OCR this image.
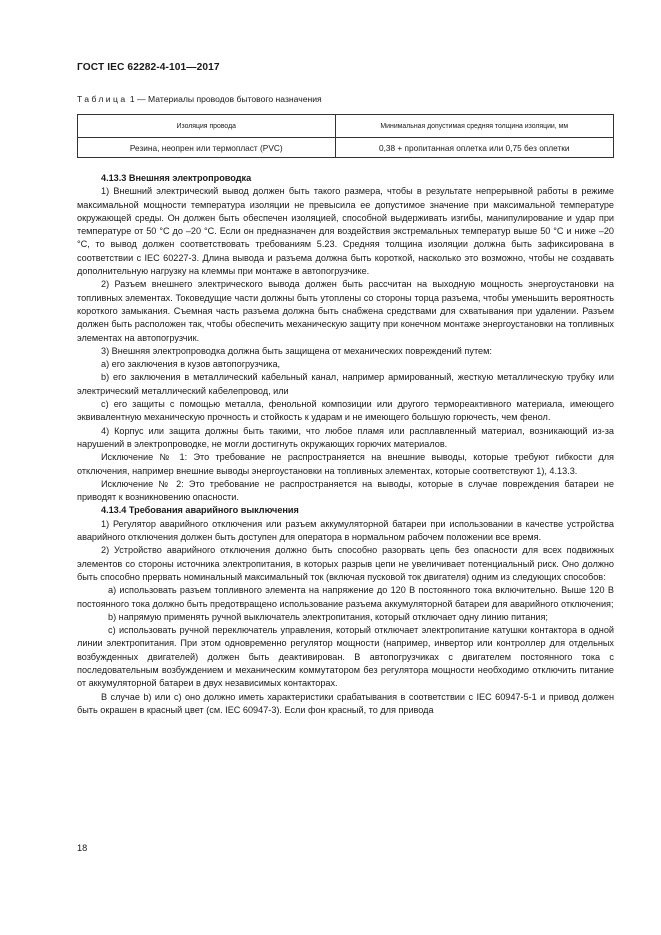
ГОСТ IEC 62282-4-101—2017
Таблица 1 — Материалы проводов бытового назначения
Изоляция провода	Минимальная допустимая средняя толщина изоляции, мм
Резина, неопрен или термопласт (PVC)	0,38 + пропитанная оплетка или 0,75 без оплетки

4.13.3 Внешняя электропроводка

1) Внешний электрический вывод должен быть такого размера, чтобы в результате непрерывной работы в режиме максимальной мощности температура изоляции не превысила ее допустимое значение при максимальной температуре окружающей среды. Он должен быть обеспечен изоляцией, способной выдерживать изгибы, манипулирование и удар при температуре от 50 °С до –20 °С. Если он предназначен для воздействия экстремальных температур выше 50 °С и ниже –20 °С, то вывод должен соответствовать требованиям 5.23. Средняя толщина изоляции должна быть зафиксирована в соответствии с IEC 60227-3. Длина вывода и разъема должна быть короткой, насколько это возможно, чтобы не создавать дополнительную нагрузку на клеммы при монтаже в автопогрузчике.

2) Разъем внешнего электрического вывода должен быть рассчитан на выходную мощность энергоустановки на топливных элементах. Токоведущие части должны быть утоплены со стороны торца разъема, чтобы уменьшить вероятность короткого замыкания. Съемная часть разъема должна быть снабжена средствами для схватывания при удалении. Разъем должен быть расположен так, чтобы обеспечить механическую защиту при конечном монтаже энергоустановки на топливных элементах на автопогрузчик.

3) Внешняя электропроводка должна быть защищена от механических повреждений путем:

а) его заключения в кузов автопогрузчика,

b) его заключения в металлический кабельный канал, например армированный, жесткую металлическую трубку или электрический металлический кабелепровод, или

с) его защиты с помощью металла, фенольной композиции или другого термореактивного материала, имеющего эквивалентную механическую прочность и стойкость к ударам и не имеющего большую горючесть, чем фенол.

4) Корпус или защита должны быть такими, что любое пламя или расплавленный материал, возникающий из-за нарушений в электропроводке, не могли достигнуть окружающих горючих материалов.

Исключение № 1: Это требование не распространяется на внешние выводы, которые требуют гибкости для отключения, например внешние выводы энергоустановки на топливных элементах, которые соответствуют 1), 4.13.3.

Исключение № 2: Это требование не распространяется на выводы, которые в случае повреждения батареи не приводят к возникновению опасности.

4.13.4 Требования аварийного выключения

1) Регулятор аварийного отключения или разъем аккумуляторной батареи при использовании в качестве устройства аварийного отключения должен быть доступен для оператора в нормальном рабочем положении все время.

2) Устройство аварийного отключения должно быть способно разорвать цепь без опасности для всех подвижных элементов со стороны источника электропитания, в которых разрыв цепи не увеличивает потенциальный риск. Оно должно быть способно прервать номинальный максимальный ток (включая пусковой ток двигателя) одним из следующих способов:

а) использовать разъем топливного элемента на напряжение до 120 В постоянного тока включительно. Выше 120 В постоянного тока должно быть предотвращено использование разъема аккумуляторной батареи для аварийного отключения;

b) напрямую применять ручной выключатель электропитания, который отключает одну линию питания;

с) использовать ручной переключатель управления, который отключает электропитание катушки контактора в одной линии электропитания. При этом одновременно регулятор мощности (например, инвертор или контроллер для отдельных возбужденных двигателей) должен быть деактивирован. В автопогрузчиках с двигателем постоянного тока с последовательным возбуждением и механическим коммутатором без регулятора мощности необходимо отключить питание от аккумуляторной батареи в двух независимых контакторах.

В случае b) или с) оно должно иметь характеристики срабатывания в соответствии с IEC 60947-5-1 и привод должен быть окрашен в красный цвет (см. IEC 60947-3). Если фон красный, то для привода

18
